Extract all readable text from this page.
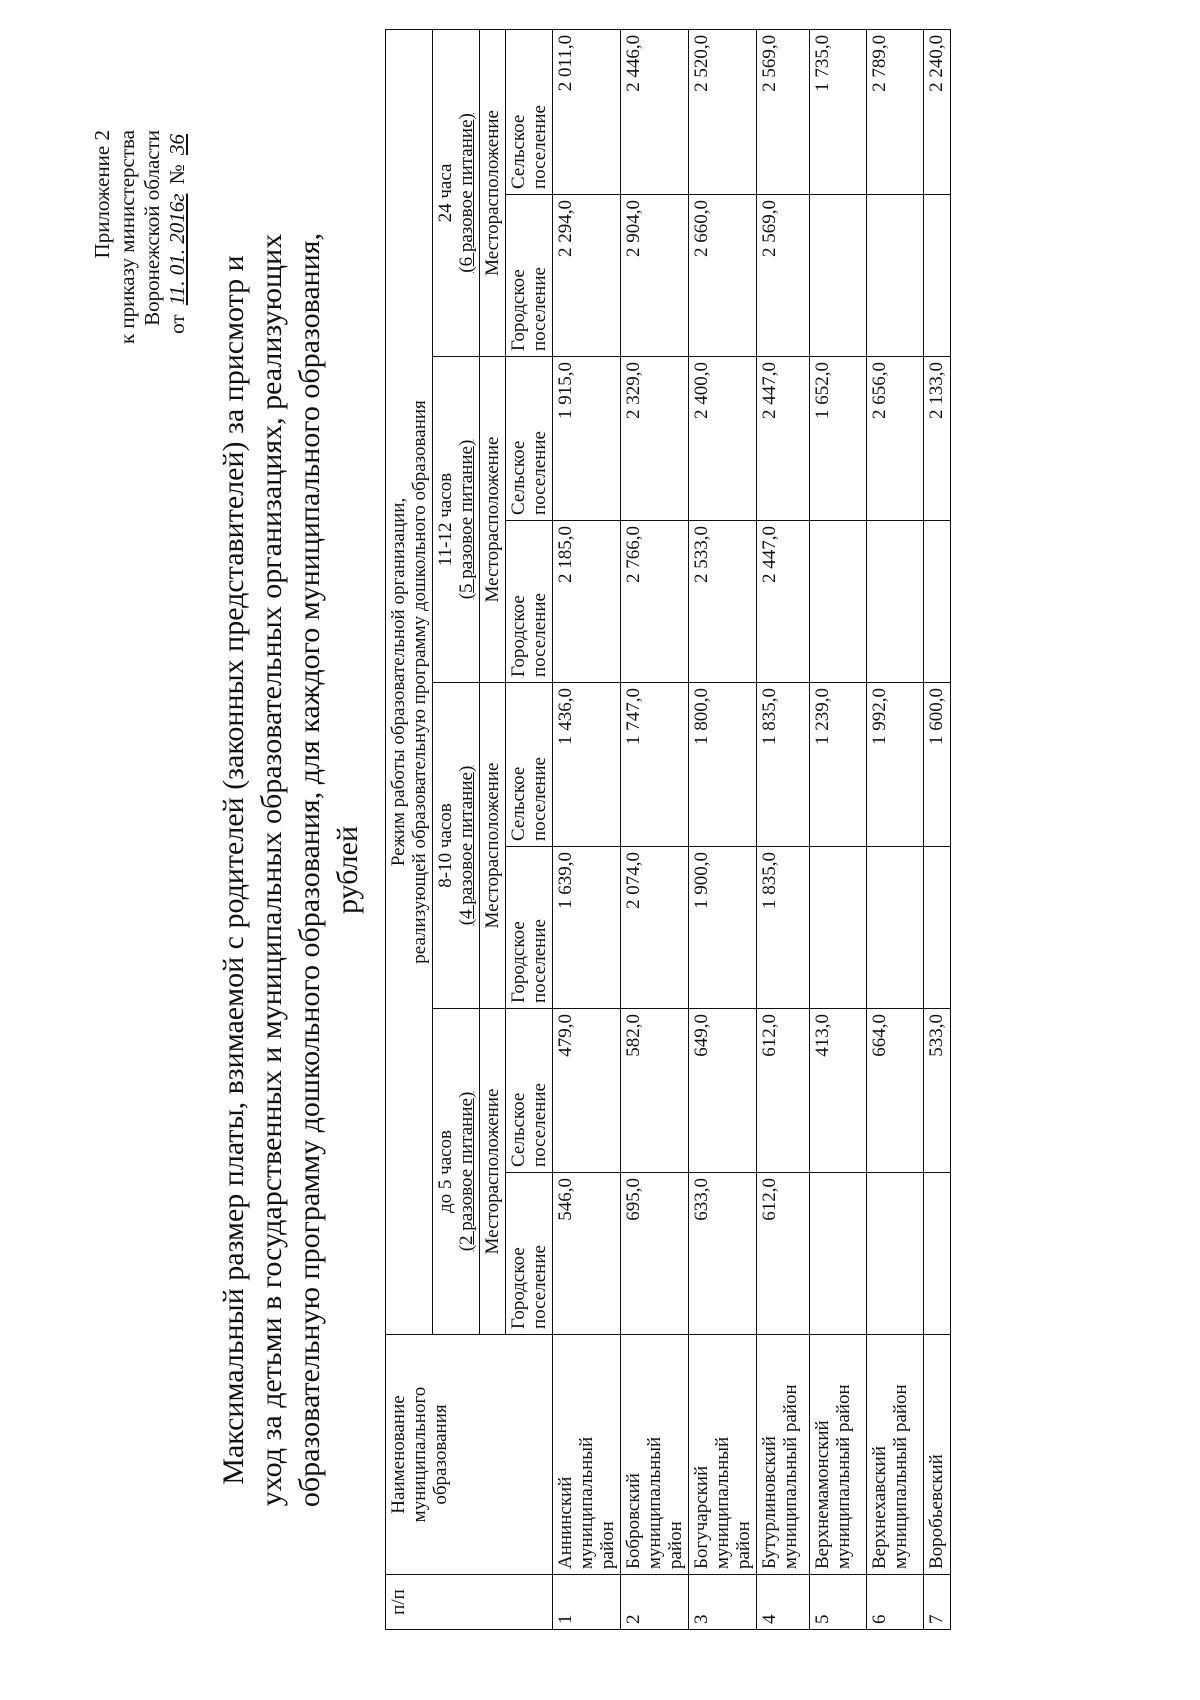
Приложение 2 к приказу министерства Воронежской области от 11. 01. 2016г № 36
Максимальный размер платы, взимаемой с родителей (законных представителей) за присмотр и уход за детьми в государственных и муниципальных образовательных организациях, реализующих образовательную программу дошкольного образования, для каждого муниципального образования, рублей
п/п	Наименование муниципального образования	Режим работы образовательной организации, реализующей образовательную программу дошкольного образования							

		до 5 часов (2 разовое питание)		8-10 часов (4 разовое питание)		11-12 часов (5 разовое питание)		24 часа (6 разовое питание)	

		Месторасположение		Месторасположение		Месторасположение		Месторасположение	

		Городское поселение	Сельское поселение	Городское поселение	Сельское поселение	Городское поселение	Сельское поселение	Городское поселение	Сельское поселение

1	Аннинский муниципальный район	546,0	479,0	1 639,0	1 436,0	2 185,0	1 915,0	2 294,0	2 011,0
2	Бобровский муниципальный район	695,0	582,0	2 074,0	1 747,0	2 766,0	2 329,0	2 904,0	2 446,0
3	Богучарский муниципальный район	633,0	649,0	1 900,0	1 800,0	2 533,0	2 400,0	2 660,0	2 520,0
4	Бутурлиновский муниципальный район	612,0	612,0	1 835,0	1 835,0	2 447,0	2 447,0	2 569,0	2 569,0
5	Верхнемамонский муниципальный район		413,0		1 239,0		1 652,0		1 735,0
6	Верхнехавский муниципальный район		664,0		1 992,0		2 656,0		2 789,0
7	Воробьевский		533,0		1 600,0		2 133,0		2 240,0
